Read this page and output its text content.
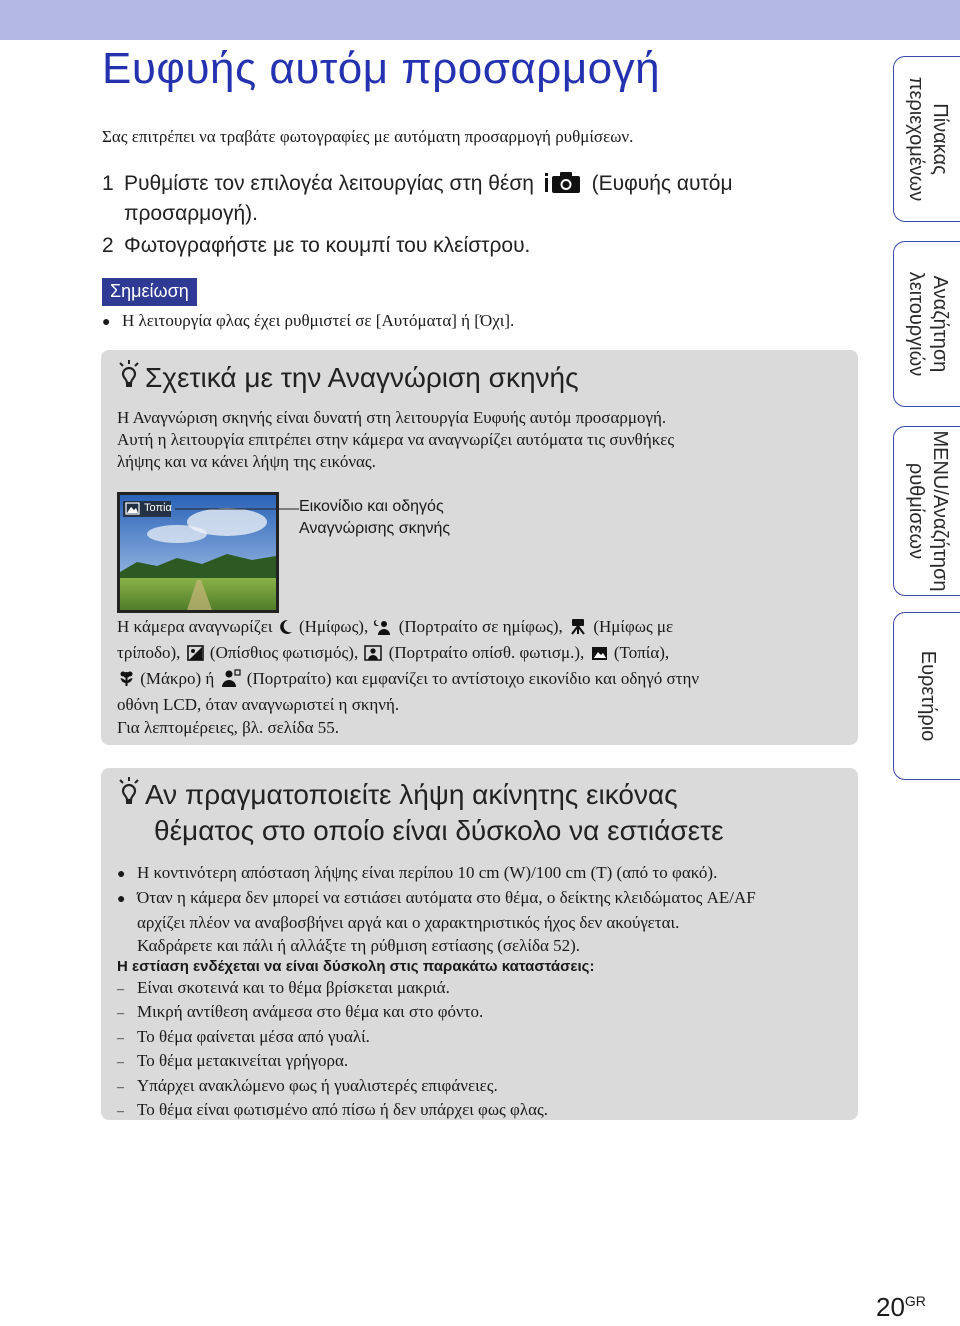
Ευφυής αυτόμ προσαρμογή
Σας επιτρέπει να τραβάτε φωτογραφίες με αυτόματη προσαρμογή ρυθμίσεων.
1 Ρυθμίστε τον επιλογέα λειτουργίας στη θέση	(Ευφυής αυτόμ
προσαρμογή).
2 Φωτογραφήστε με το κουμπί του κλείστρου.
Σημείωση
● Η λειτουργία φλας έχει ρυθμιστεί σε [Αυτόματα] ή [Όχι].
Σχετικά με την Αναγνώριση σκηνής
Η Αναγνώριση σκηνής είναι δυνατή στη λειτουργία Ευφυής αυτόμ προσαρμογή.
Αυτή η λειτουργία επιτρέπει στην κάμερα να αναγνωρίζει αυτόματα τις συνθήκες
λήψης και να κάνει λήψη της εικόνας.
Τοπία	Εικονίδιο και οδηγός
Αναγνώρισης σκηνής
Η κάμερα αναγνωρίζει (Ημίφως), (Πορτραίτο σε ημίφως), (Ημίφως με
τρίποδο), (Οπίσθιος φωτισμός), (Πορτραίτο οπίσθ. φωτισμ.), (Τοπία),
(Μάκρο) ή (Πορτραίτο) και εμφανίζει το αντίστοιχο εικονίδιο και οδηγό στην
οθόνη LCD, όταν αναγνωριστεί η σκηνή.
Για λεπτομέρειες, βλ. σελίδα 55.
Αν πραγματοποιείτε λήψη ακίνητης εικόνας
θέματος στο οποίο είναι δύσκολο να εστιάσετε
● Η κοντινότερη απόσταση λήψης είναι περίπου 10 cm (W)/100 cm (T) (από το φακό).
● Όταν η κάμερα δεν μπορεί να εστιάσει αυτόματα στο θέμα, ο δείκτης κλειδώματος AE/AF
αρχίζει πλέον να αναβοσβήνει αργά και ο χαρακτηριστικός ήχος δεν ακούγεται.
Καδράρετε και πάλι ή αλλάξτε τη ρύθμιση εστίασης (σελίδα 52).
Η εστίαση ενδέχεται να είναι δύσκολη στις παρακάτω καταστάσεις:
– Είναι σκοτεινά και το θέμα βρίσκεται μακριά.
– Μικρή αντίθεση ανάμεσα στο θέμα και στο φόντο.
– Το θέμα φαίνεται μέσα από γυαλί.
– Το θέμα μετακινείται γρήγορα.
– Υπάρχει ανακλώμενο φως ή γυαλιστερές επιφάνειες.
– Το θέμα είναι φωτισμένο από πίσω ή δεν υπάρχει φως φλας.
Πίνακας
περιεχομένων
Αναζήτηση
λειτουργιών
MENU/Αναζήτηση
ρυθμίσεων
Ευρετήριο
$20^{GR}$
